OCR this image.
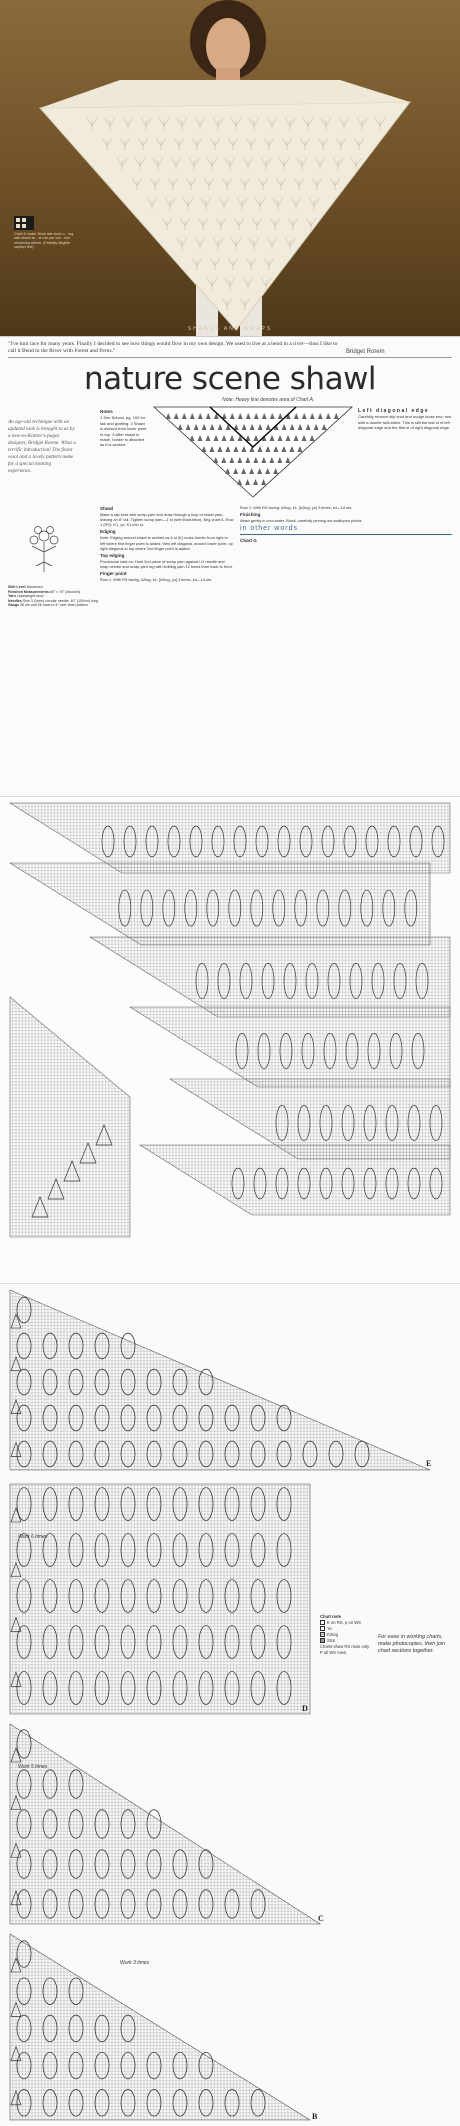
Chart 6 make: Work last chart o... ing with shawl at... st rule per cut... into remaining sleeve. (Partially illegible caption text)
SHAWLS AND WRAPS
"I've knit lace for many years. Finally I decided to see how things would flow in my own design. We used to live at a bend in a river—thus I like to call it Bend in the River with Forest and Ferns."	Bridget Rorem
nature scene shawl
Note: Heavy line denotes area of Chart A.
An age-old technique with an updated look is brought to us by a new-to-Knitter's-pages designer, Bridget Rorem. What a terrific introduction! The finest wool and a lovely pattern make for a special knitting experience.
Skill Level Advanced
Finished Measurements 80" x 70" (blocked)
Yarn Laceweight wool
Needles Size 3 (3mm) circular needle, 40" (100cm) long
Gauge 26 sts and 26 rows to 4" over chart pattern
Notes

1 See School, pg. 100 for ssk and grafting. 2 Shawl is worked from lower point to top. 3 After shawl is made, border is attached as it is worked.

Left diagonal edge

Carefully remove slip knot and nudge loose end; row with a double twill-stitch. This is still the last st of left diagonal edge and the first st of right diagonal edge.

Shawl

Make a slip knot with scrap yarn and draw through a loop of shawl yarn, leaving an 8" tail. Tighten scrap yarn—1 st (see illustration). Beg chart A: Row 1 (RS): K1, yo, K1 into st.

Edging

Note: Edging around shawl is worked as 6 st (K) cross-border from right to left where first finger point is added, then left diagonal, around lower point, up right diagonal to top where 2nd finger point is added.

Top edging

Provisional cast-on: Hold 2nd piece of scrap yarn against LH needle and wrap needle and scrap yarn tog with knitting yarn 12 times from back to front.

Finger point

Row 1: With RS facing, k2tog, k1, [k2tog, yo] 3 times, k4—14 sts.

Row 1: With RS facing, k2tog, k1, [k2tog, yo] 3 times, k4—14 sts.

Finishing

Wash gently in cool water. Block, carefully pinning out scalloped points.

in other words
Chart G
E
D
C
B
Work 6 times
Work 5 times
Work 3 times
Chart note
K on RS, p on WS
Yo
K2tog
SSK
Charts show RS rows only. P all WS rows.
For ease in working charts, make photocopies, then join chart sections together.
